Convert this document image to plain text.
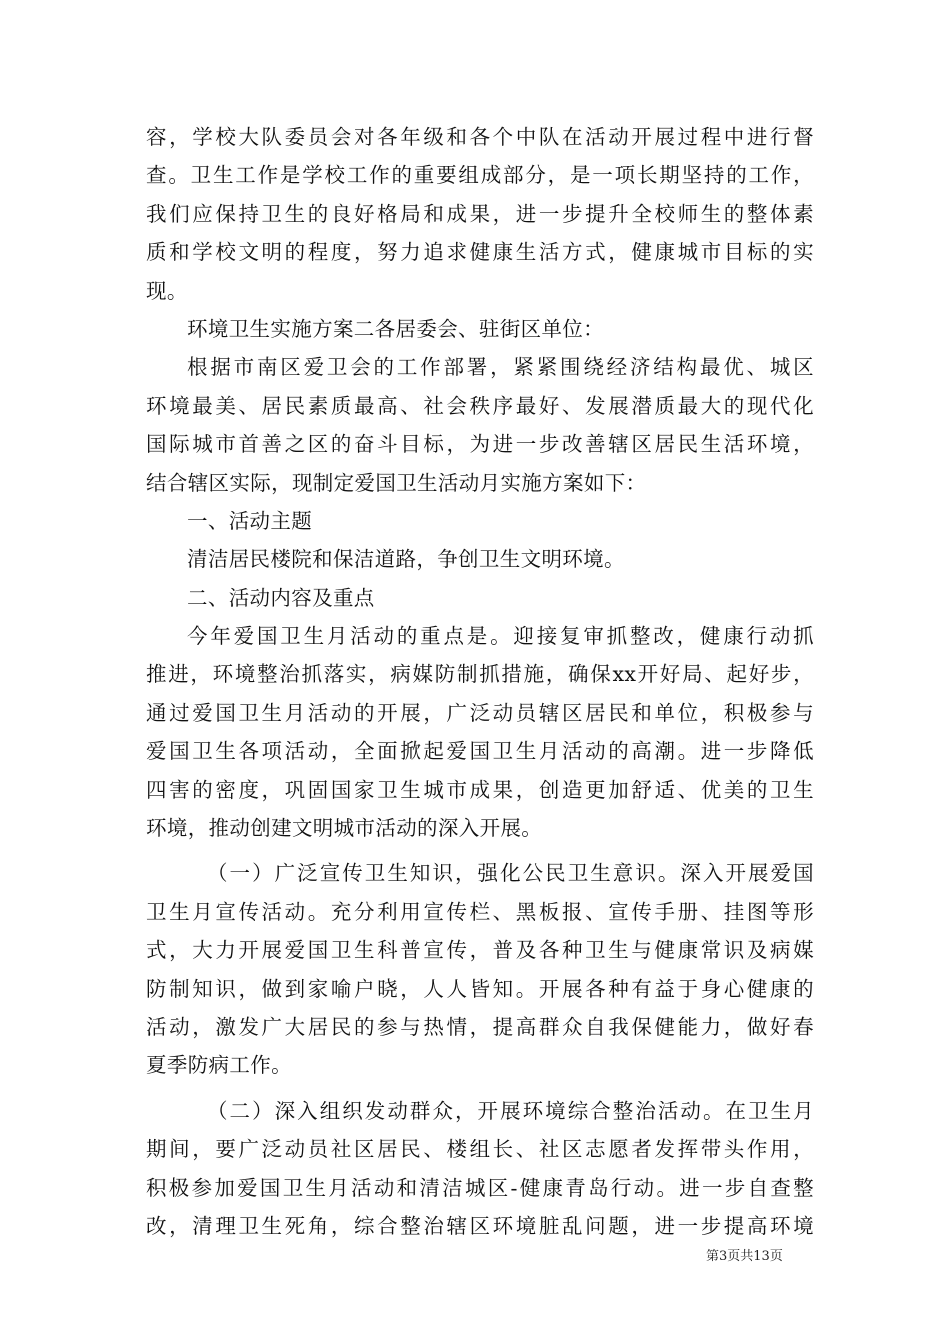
容，学校大队委员会对各年级和各个中队在活动开展过程中进行督
查。卫生工作是学校工作的重要组成部分，是一项长期坚持的工作，
我们应保持卫生的良好格局和成果，进一步提升全校师生的整体素
质和学校文明的程度，努力追求健康生活方式，健康城市目标的实
现。
环境卫生实施方案二各居委会、驻街区单位：
根据市南区爱卫会的工作部署，紧紧围绕经济结构最优、城区
环境最美、居民素质最高、社会秩序最好、发展潜质最大的现代化
国际城市首善之区的奋斗目标，为进一步改善辖区居民生活环境，
结合辖区实际，现制定爱国卫生活动月实施方案如下：
一、活动主题
清洁居民楼院和保洁道路，争创卫生文明环境。
二、活动内容及重点
今年爱国卫生月活动的重点是。迎接复审抓整改，健康行动抓
推进，环境整治抓落实，病媒防制抓措施，确保xx开好局、起好步，
通过爱国卫生月活动的开展，广泛动员辖区居民和单位，积极参与
爱国卫生各项活动，全面掀起爱国卫生月活动的高潮。进一步降低
四害的密度，巩固国家卫生城市成果，创造更加舒适、优美的卫生
环境，推动创建文明城市活动的深入开展。
（一）广泛宣传卫生知识，强化公民卫生意识。深入开展爱国
卫生月宣传活动。充分利用宣传栏、黑板报、宣传手册、挂图等形
式，大力开展爱国卫生科普宣传，普及各种卫生与健康常识及病媒
防制知识，做到家喻户晓，人人皆知。开展各种有益于身心健康的
活动，激发广大居民的参与热情，提高群众自我保健能力，做好春
夏季防病工作。
（二）深入组织发动群众，开展环境综合整治活动。在卫生月
期间，要广泛动员社区居民、楼组长、社区志愿者发挥带头作用，
积极参加爱国卫生月活动和清洁城区-健康青岛行动。进一步自查整
改，清理卫生死角，综合整治辖区环境脏乱问题，进一步提高环境
第3页共13页
